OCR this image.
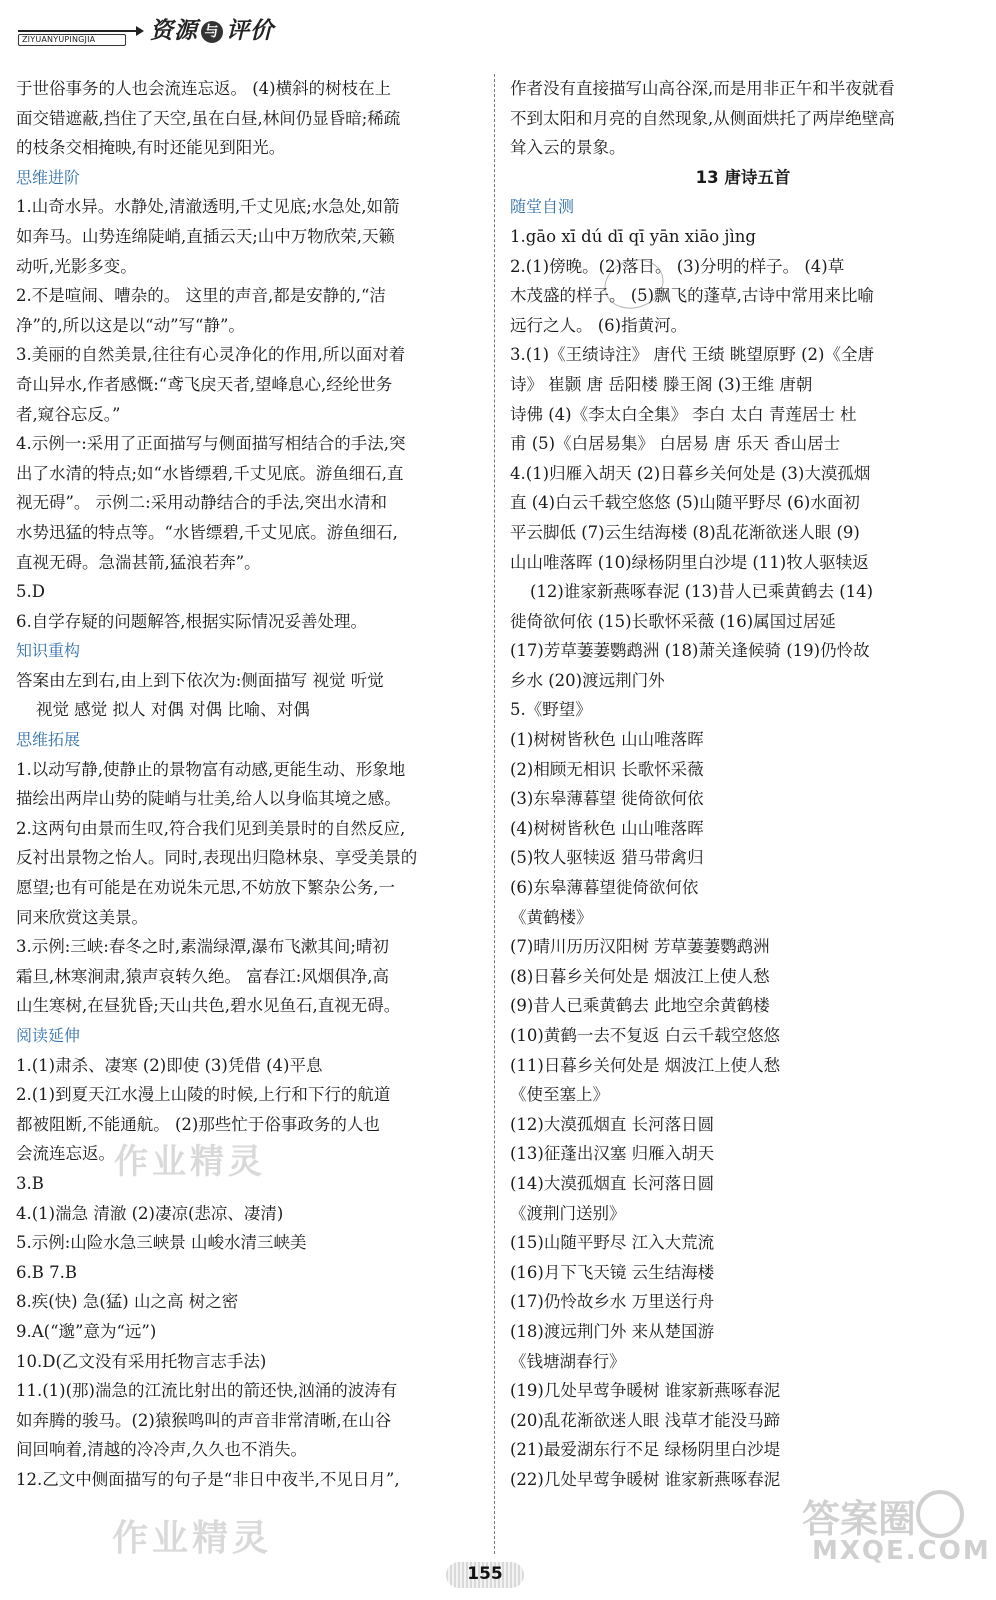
ZIYUANYUPINGJIA 资源 与 评价
于世俗事务的人也会流连忘返。 (4)横斜的树枝在上
面交错遮蔽,挡住了天空,虽在白昼,林间仍显昏暗;稀疏
的枝条交相掩映,有时还能见到阳光。
思维进阶
1.山奇水异。水静处,清澈透明,千丈见底;水急处,如箭
如奔马。山势连绵陡峭,直插云天;山中万物欣荣,天籁
动听,光影多变。
2.不是喧闹、嘈杂的。 这里的声音,都是安静的,“洁
净”的,所以这是以“动”写“静”。
3.美丽的自然美景,往往有心灵净化的作用,所以面对着
奇山异水,作者感慨:“鸢飞戾天者,望峰息心,经纶世务
者,窥谷忘反。”
4.示例一:采用了正面描写与侧面描写相结合的手法,突
出了水清的特点;如“水皆缥碧,千丈见底。游鱼细石,直
视无碍”。 示例二:采用动静结合的手法,突出水清和
水势迅猛的特点等。“水皆缥碧,千丈见底。游鱼细石,
直视无碍。急湍甚箭,猛浪若奔”。
5.D
6.自学存疑的问题解答,根据实际情况妥善处理。
知识重构
答案由左到右,由上到下依次为:侧面描写 视觉 听觉
视觉 感觉 拟人 对偶 对偶 比喻、对偶
思维拓展
1.以动写静,使静止的景物富有动感,更能生动、形象地
描绘出两岸山势的陡峭与壮美,给人以身临其境之感。
2.这两句由景而生叹,符合我们见到美景时的自然反应,
反衬出景物之怡人。同时,表现出归隐林泉、享受美景的
愿望;也有可能是在劝说朱元思,不妨放下繁杂公务,一
同来欣赏这美景。
3.示例:三峡:春冬之时,素湍绿潭,瀑布飞漱其间;晴初
霜旦,林寒涧肃,猿声哀转久绝。 富春江:风烟俱净,高
山生寒树,在昼犹昏;天山共色,碧水见鱼石,直视无碍。
阅读延伸
1.(1)肃杀、凄寒 (2)即使 (3)凭借 (4)平息
2.(1)到夏天江水漫上山陵的时候,上行和下行的航道
都被阻断,不能通航。 (2)那些忙于俗事政务的人也
会流连忘返。
3.B
4.(1)湍急 清澈 (2)凄凉(悲凉、凄清)
5.示例:山险水急三峡景 山峻水清三峡美
6.B 7.B
8.疾(快) 急(猛) 山之高 树之密
9.A(“邈”意为“远”)
10.D(乙文没有采用托物言志手法)
11.(1)(那)湍急的江流比射出的箭还快,汹涌的波涛有
如奔腾的骏马。(2)猿猴鸣叫的声音非常清晰,在山谷
间回响着,清越的冷冷声,久久也不消失。
12.乙文中侧面描写的句子是“非日中夜半,不见日月”,
作者没有直接描写山高谷深,而是用非正午和半夜就看
不到太阳和月亮的自然现象,从侧面烘托了两岸绝壁高
耸入云的景象。
13 唐诗五首
随堂自测
1.gāo xī dú dī qī yān xiāo jìng
2.(1)傍晚。(2)落日。 (3)分明的样子。 (4)草
木茂盛的样子。 (5)飘飞的蓬草,古诗中常用来比喻
远行之人。 (6)指黄河。
3.(1)《王绩诗注》 唐代 王绩 眺望原野 (2)《全唐
诗》 崔颢 唐 岳阳楼 滕王阁 (3)王维 唐朝
诗佛 (4)《李太白全集》 李白 太白 青莲居士 杜
甫 (5)《白居易集》 白居易 唐 乐天 香山居士
4.(1)归雁入胡天 (2)日暮乡关何处是 (3)大漠孤烟
直 (4)白云千载空悠悠 (5)山随平野尽 (6)水面初
平云脚低 (7)云生结海楼 (8)乱花渐欲迷人眼 (9)
山山唯落晖 (10)绿杨阴里白沙堤 (11)牧人驱犊返
(12)谁家新燕啄春泥 (13)昔人已乘黄鹤去 (14)
徙倚欲何依 (15)长歌怀采薇 (16)属国过居延
(17)芳草萋萋鹦鹉洲 (18)萧关逢候骑 (19)仍怜故
乡水 (20)渡远荆门外
5.《野望》
(1)树树皆秋色 山山唯落晖
(2)相顾无相识 长歌怀采薇
(3)东皋薄暮望 徙倚欲何依
(4)树树皆秋色 山山唯落晖
(5)牧人驱犊返 猎马带禽归
(6)东皋薄暮望徙倚欲何依
《黄鹤楼》
(7)晴川历历汉阳树 芳草萋萋鹦鹉洲
(8)日暮乡关何处是 烟波江上使人愁
(9)昔人已乘黄鹤去 此地空余黄鹤楼
(10)黄鹤一去不复返 白云千载空悠悠
(11)日暮乡关何处是 烟波江上使人愁
《使至塞上》
(12)大漠孤烟直 长河落日圆
(13)征蓬出汉塞 归雁入胡天
(14)大漠孤烟直 长河落日圆
《渡荆门送别》
(15)山随平野尽 江入大荒流
(16)月下飞天镜 云生结海楼
(17)仍怜故乡水 万里送行舟
(18)渡远荆门外 来从楚国游
《钱塘湖春行》
(19)几处早莺争暖树 谁家新燕啄春泥
(20)乱花渐欲迷人眼 浅草才能没马蹄
(21)最爱湖东行不足 绿杨阴里白沙堤
(22)几处早莺争暖树 谁家新燕啄春泥
作业精灵
作业精灵	答案圈
MXQE.COM
155
